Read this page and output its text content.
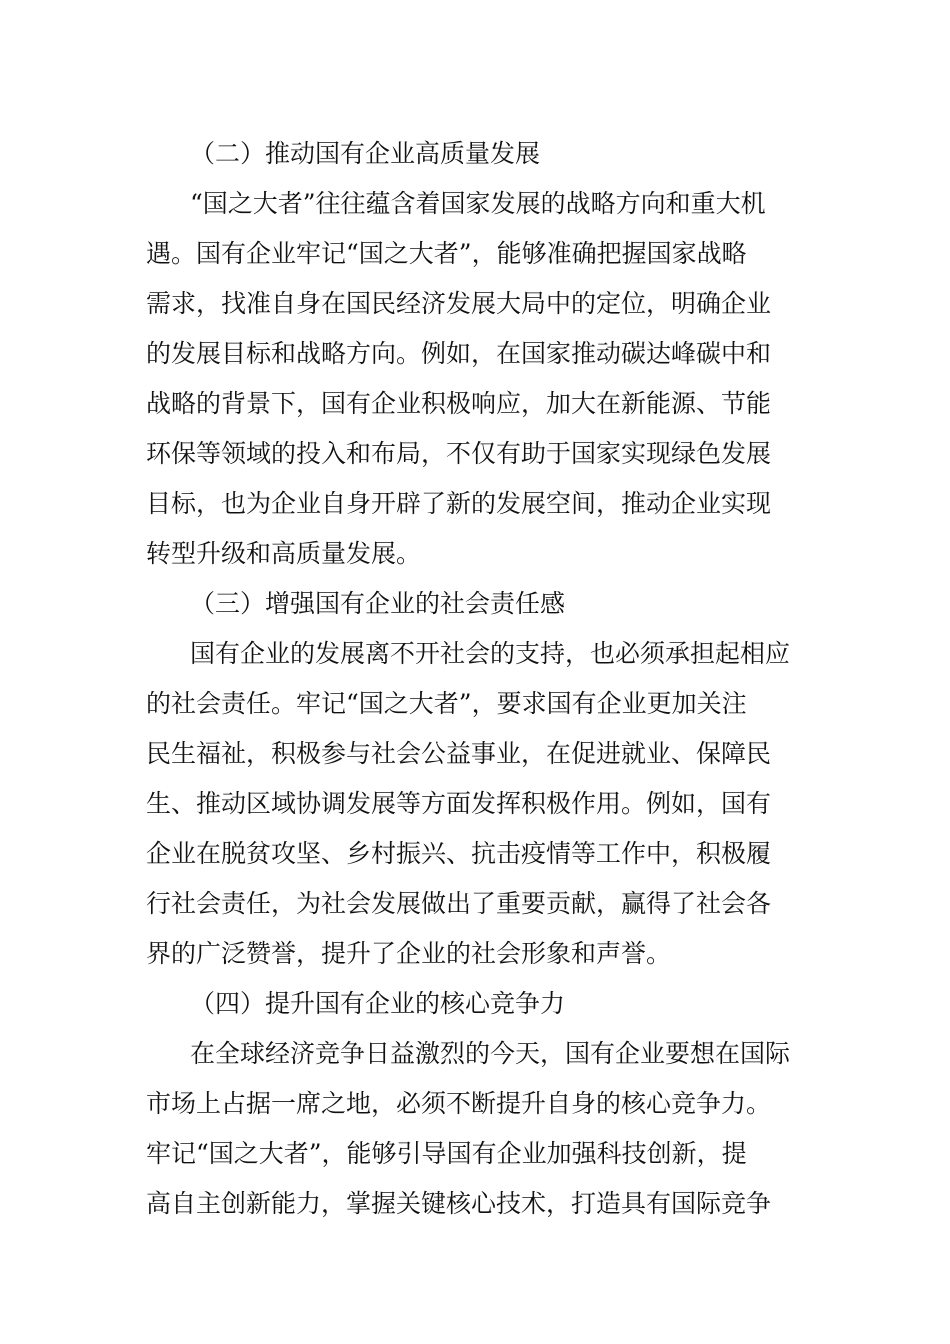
（二）推动国有企业高质量发展
“国之大者”往往蕴含着国家发展的战略方向和重大机
遇。国有企业牢记“国之大者”，能够准确把握国家战略
需求，找准自身在国民经济发展大局中的定位，明确企业
的发展目标和战略方向。例如，在国家推动碳达峰碳中和
战略的背景下，国有企业积极响应，加大在新能源、节能
环保等领域的投入和布局，不仅有助于国家实现绿色发展
目标，也为企业自身开辟了新的发展空间，推动企业实现
转型升级和高质量发展。
（三）增强国有企业的社会责任感
国有企业的发展离不开社会的支持，也必须承担起相应
的社会责任。牢记“国之大者”，要求国有企业更加关注
民生福祉，积极参与社会公益事业，在促进就业、保障民
生、推动区域协调发展等方面发挥积极作用。例如，国有
企业在脱贫攻坚、乡村振兴、抗击疫情等工作中，积极履
行社会责任，为社会发展做出了重要贡献，赢得了社会各
界的广泛赞誉，提升了企业的社会形象和声誉。
（四）提升国有企业的核心竞争力
在全球经济竞争日益激烈的今天，国有企业要想在国际
市场上占据一席之地，必须不断提升自身的核心竞争力。
牢记“国之大者”，能够引导国有企业加强科技创新，提
高自主创新能力，掌握关键核心技术，打造具有国际竞争
